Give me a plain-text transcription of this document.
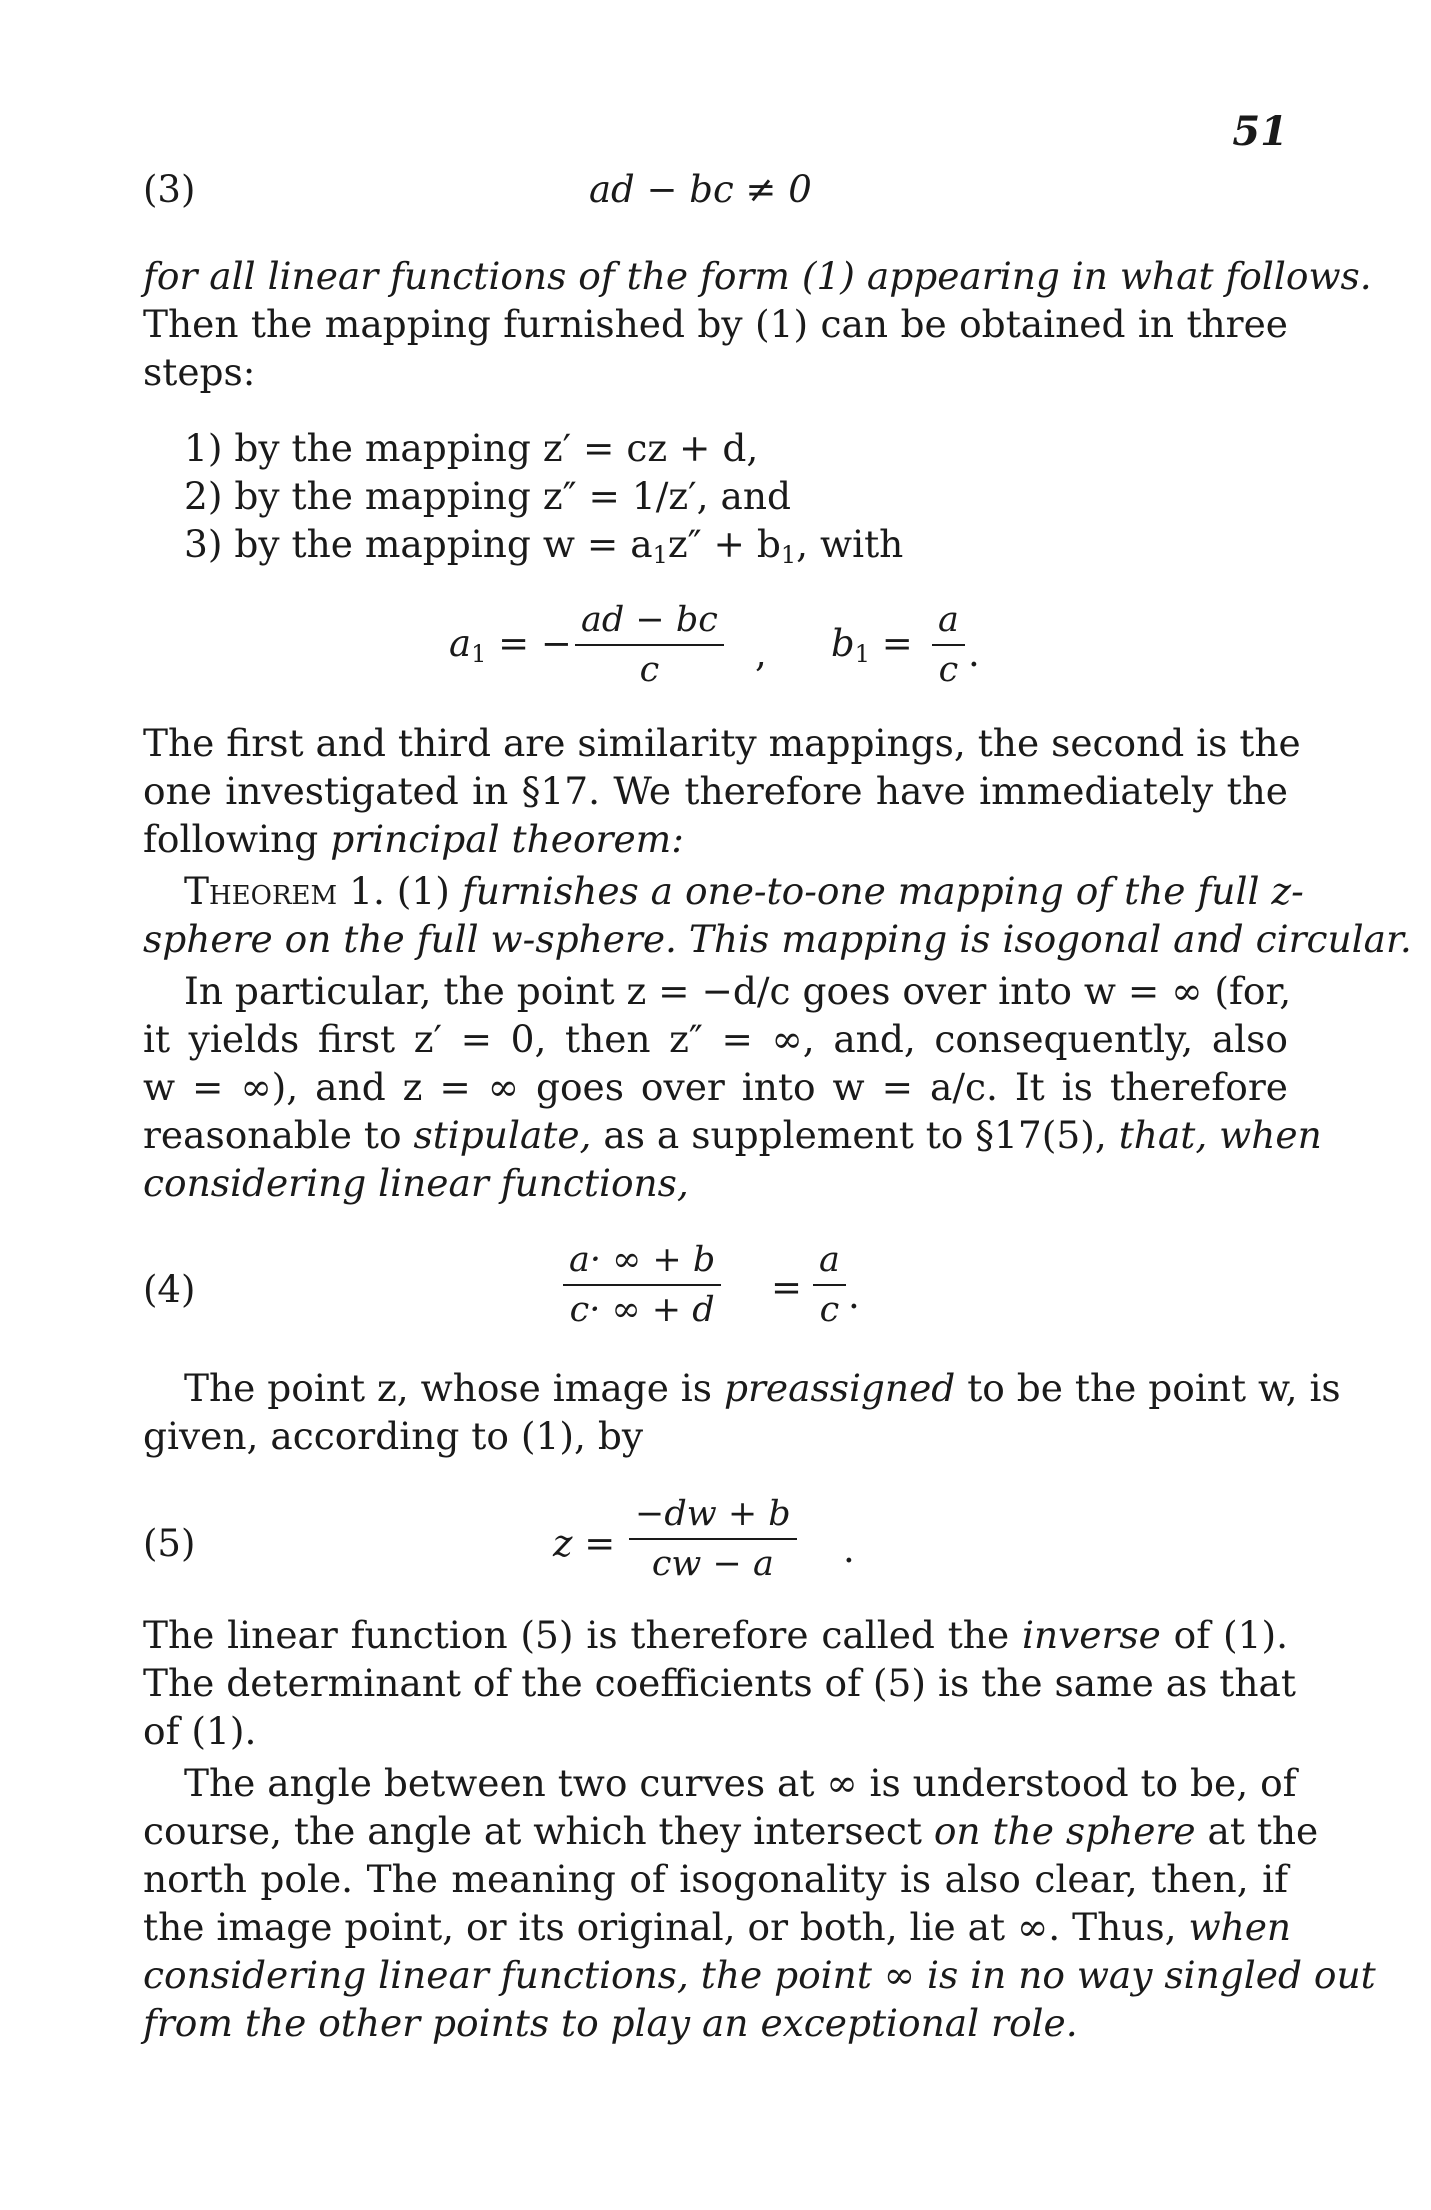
51
(3)	ad − bc ≠ 0
for all linear functions of the form (1) appearing in what follows.
Then the mapping furnished by (1) can be obtained in three
steps:
1) by the mapping z′ = cz + d,
2) by the mapping z″ = 1/z′, and
3) by the mapping $w = a_1z'' + b_1$, with
$a_1$ = −
ad − bc
c	, $b_1$ =
a
c .
The first and third are similarity mappings, the second is the
one investigated in §17. We therefore have immediately the
following principal theorem:
Theorem 1. (1) furnishes a one-to-one mapping of the full z-
sphere on the full w-sphere. This mapping is isogonal and circular.
In particular, the point z = −d/c goes over into w = ∞ (for,
it yields first z′ = 0, then z″ = ∞, and, consequently, also
w = ∞), and z = ∞ goes over into w = a/c. It is therefore
reasonable to stipulate, as a supplement to §17(5), that, when
considering linear functions,
(4)
a· ∞ + b
c· ∞ + d
=
a
c .
The point z, whose image is preassigned to be the point w, is
given, according to (1), by
(5)	z =
−dw + b
cw − a	.
The linear function (5) is therefore called the inverse of (1).
The determinant of the coefficients of (5) is the same as that
of (1).
The angle between two curves at ∞ is understood to be, of
course, the angle at which they intersect on the sphere at the
north pole. The meaning of isogonality is also clear, then, if
the image point, or its original, or both, lie at ∞. Thus, when
considering linear functions, the point ∞ is in no way singled out
from the other points to play an exceptional role.
